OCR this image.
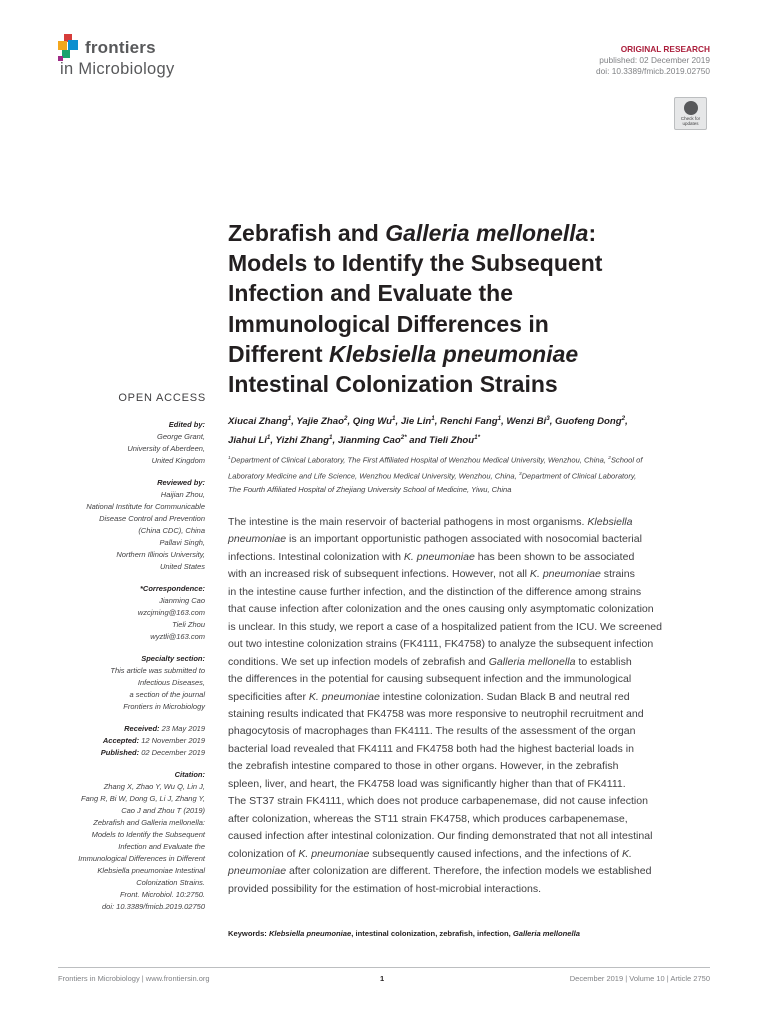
frontiers
in Microbiology
ORIGINAL RESEARCH
published: 02 December 2019
doi: 10.3389/fmicb.2019.02750
Check for
updates
Zebrafish and Galleria mellonella:
Models to Identify the Subsequent
Infection and Evaluate the
Immunological Differences in
Different Klebsiella pneumoniae
Intestinal Colonization Strains
Xiucai Zhang$^1$, Yajie Zhao$^2$, Qing Wu$^1$, Jie Lin$^1$, Renchi Fang$^1$, Wenzi Bi$^3$, Guofeng Dong$^2$,
Jiahui Li$^1$, Yizhi Zhang$^1$, Jianming Cao$^{2*}$ and Tieli Zhou$^{1*}$
$^1$Department of Clinical Laboratory, The First Affiliated Hospital of Wenzhou Medical University, Wenzhou, China, $^2$School of
Laboratory Medicine and Life Science, Wenzhou Medical University, Wenzhou, China, $^3$Department of Clinical Laboratory,
The Fourth Affiliated Hospital of Zhejiang University School of Medicine, Yiwu, China
The intestine is the main reservoir of bacterial pathogens in most organisms. Klebsiella
pneumoniae is an important opportunistic pathogen associated with nosocomial bacterial
infections. Intestinal colonization with K. pneumoniae has been shown to be associated
with an increased risk of subsequent infections. However, not all K. pneumoniae strains
in the intestine cause further infection, and the distinction of the difference among strains
that cause infection after colonization and the ones causing only asymptomatic colonization
is unclear. In this study, we report a case of a hospitalized patient from the ICU. We screened
out two intestine colonization strains (FK4111, FK4758) to analyze the subsequent infection
conditions. We set up infection models of zebrafish and Galleria mellonella to establish
the differences in the potential for causing subsequent infection and the immunological
specificities after K. pneumoniae intestine colonization. Sudan Black B and neutral red
staining results indicated that FK4758 was more responsive to neutrophil recruitment and
phagocytosis of macrophages than FK4111. The results of the assessment of the organ
bacterial load revealed that FK4111 and FK4758 both had the highest bacterial loads in
the zebrafish intestine compared to those in other organs. However, in the zebrafish
spleen, liver, and heart, the FK4758 load was significantly higher than that of FK4111.
The ST37 strain FK4111, which does not produce carbapenemase, did not cause infection
after colonization, whereas the ST11 strain FK4758, which produces carbapenemase,
caused infection after intestinal colonization. Our finding demonstrated that not all intestinal
colonization of K. pneumoniae subsequently caused infections, and the infections of K.
pneumoniae after colonization are different. Therefore, the infection models we established
provided possibility for the estimation of host-microbial interactions.
Keywords: Klebsiella pneumoniae, intestinal colonization, zebrafish, infection, Galleria mellonella
OPEN ACCESS
Edited by:
George Grant,
University of Aberdeen,
United Kingdom
Reviewed by:
Haijian Zhou,
National Institute for Communicable
Disease Control and Prevention
(China CDC), China
Pallavi Singh,
Northern Illinois University,
United States
*Correspondence:
Jianming Cao
wzcjming@163.com
Tieli Zhou
wyztli@163.com
Specialty section:
This article was submitted to
Infectious Diseases,
a section of the journal
Frontiers in Microbiology
Received: 23 May 2019
Accepted: 12 November 2019
Published: 02 December 2019
Citation:
Zhang X, Zhao Y, Wu Q, Lin J,
Fang R, Bi W, Dong G, Li J, Zhang Y,
Cao J and Zhou T (2019)
Zebrafish and Galleria mellonella:
Models to Identify the Subsequent
Infection and Evaluate the
Immunological Differences in Different
Klebsiella pneumoniae Intestinal
Colonization Strains.
Front. Microbiol. 10:2750.
doi: 10.3389/fmicb.2019.02750
Frontiers in Microbiology | www.frontiersin.org	1	December 2019 | Volume 10 | Article 2750
